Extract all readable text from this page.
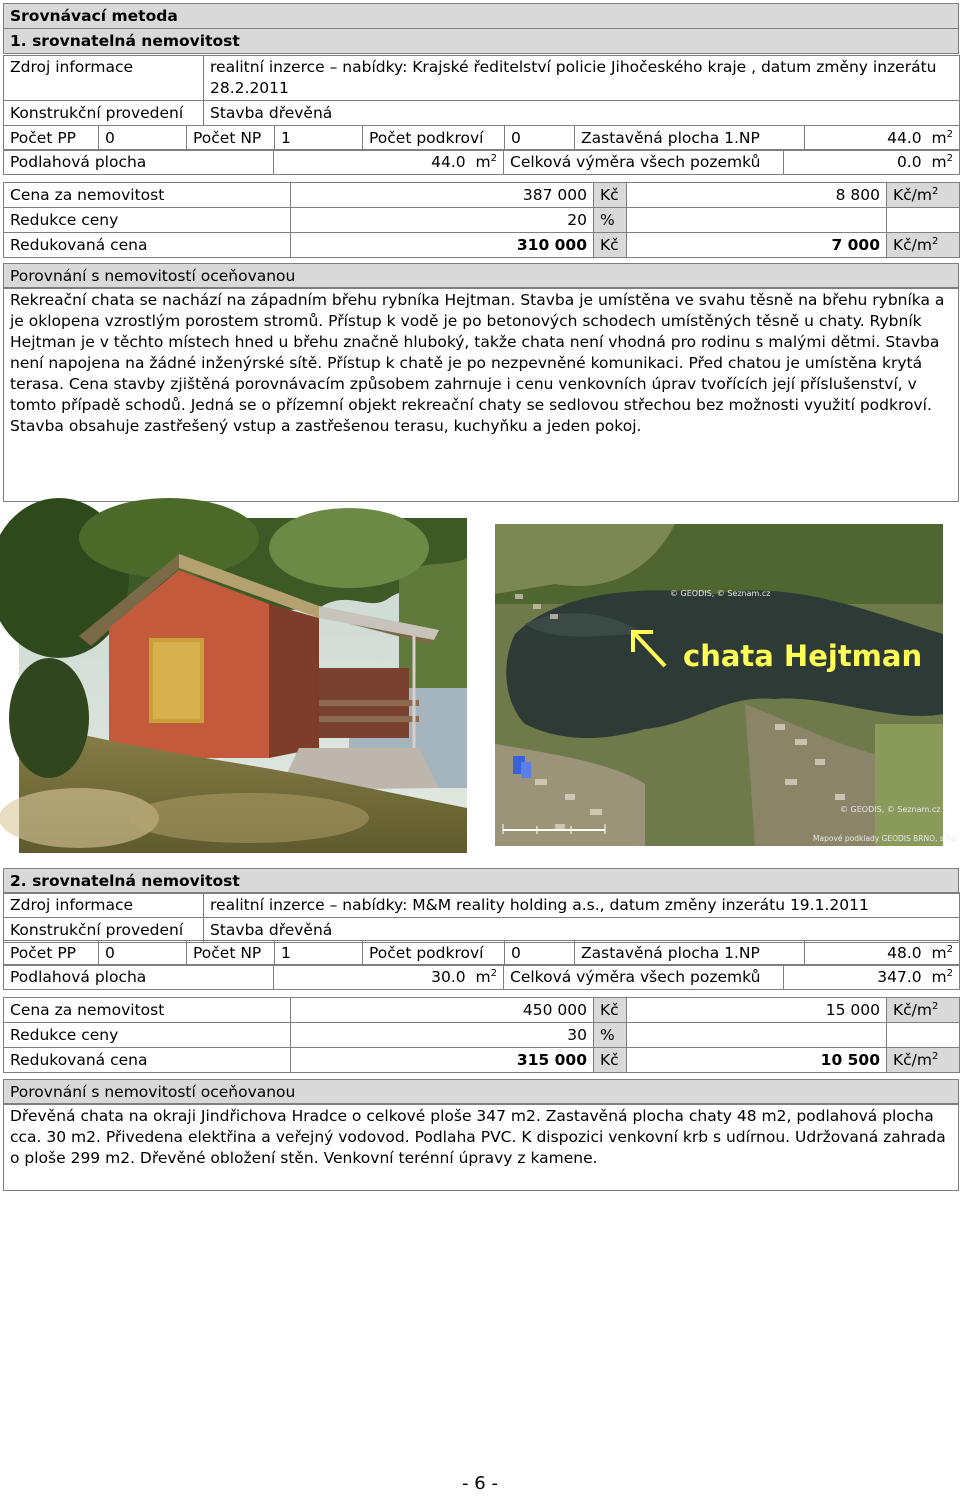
Srovnávací metoda
1. srovnatelná nemovitost
Zdroj informace	realitní inzerce – nabídky: Krajské ředitelství policie Jihočeského kraje , datum změny inzerátu
28.2.2011
Konstrukční provedení	Stavba dřevěná
Počet PP	0	Počet NP	1	Počet podkroví	0	Zastavěná plocha 1.NP	44.0 $m^2$
Podlahová plocha	44.0 $m^2$	Celková výměra všech pozemků	0.0 $m^2$
Cena za nemovitost	387 000	Kč	8 800	$Kč/m^2$
Redukce ceny	20	%		
Redukovaná cena	310 000	Kč	7 000	$Kč/m^2$
Porovnání s nemovitostí oceňovanou

Rekreační chata se nachází na západním břehu rybníka Hejtman. Stavba je umístěna ve svahu těsně na břehu rybníka a je oklopena vzrostlým porostem stromů. Přístup k vodě je po betonových schodech umístěných těsně u chaty. Rybník Hejtman je v těchto místech hned u břehu značně hluboký, takže chata není vhodná pro rodinu s malými dětmi. Stavba není napojena na žádné inženýrské sítě. Přístup k chatě je po nezpevněné komunikaci. Před chatou je umístěna krytá terasa. Cena stavby zjištěná porovnávacím způsobem zahrnuje i cenu venkovních úprav tvořících její příslušenství, v tomto případě schodů. Jedná se o přízemní objekt rekreační chaty se sedlovou střechou bez možnosti využití podkroví. Stavba obsahuje zastřešený vstup a zastřešenou terasu, kuchyňku a jeden pokoj.

chata Hejtman
© GEODIS, © Seznam.cz
© GEODIS, © Seznam.cz
Mapové podklady GEODIS BRNO, s.r.o.
2. srovnatelná nemovitost
Zdroj informace	realitní inzerce – nabídky: M&M reality holding a.s., datum změny inzerátu 19.1.2011
Konstrukční provedení	Stavba dřevěná
Počet PP	0	Počet NP	1	Počet podkroví	0	Zastavěná plocha 1.NP	48.0 $m^2$
Podlahová plocha	30.0 $m^2$	Celková výměra všech pozemků	347.0 $m^2$
Cena za nemovitost	450 000	Kč	15 000	$Kč/m^2$
Redukce ceny	30	%		
Redukovaná cena	315 000	Kč	10 500	$Kč/m^2$
Porovnání s nemovitostí oceňovanou

Dřevěná chata na okraji Jindřichova Hradce o celkové ploše 347 m2. Zastavěná plocha chaty 48 m2, podlahová plocha cca. 30 m2. Přivedena elektřina a veřejný vodovod. Podlaha PVC. K dispozici venkovní krb s udírnou. Udržovaná zahrada o ploše 299 m2. Dřevěné obložení stěn. Venkovní terénní úpravy z kamene.

- 6 -
